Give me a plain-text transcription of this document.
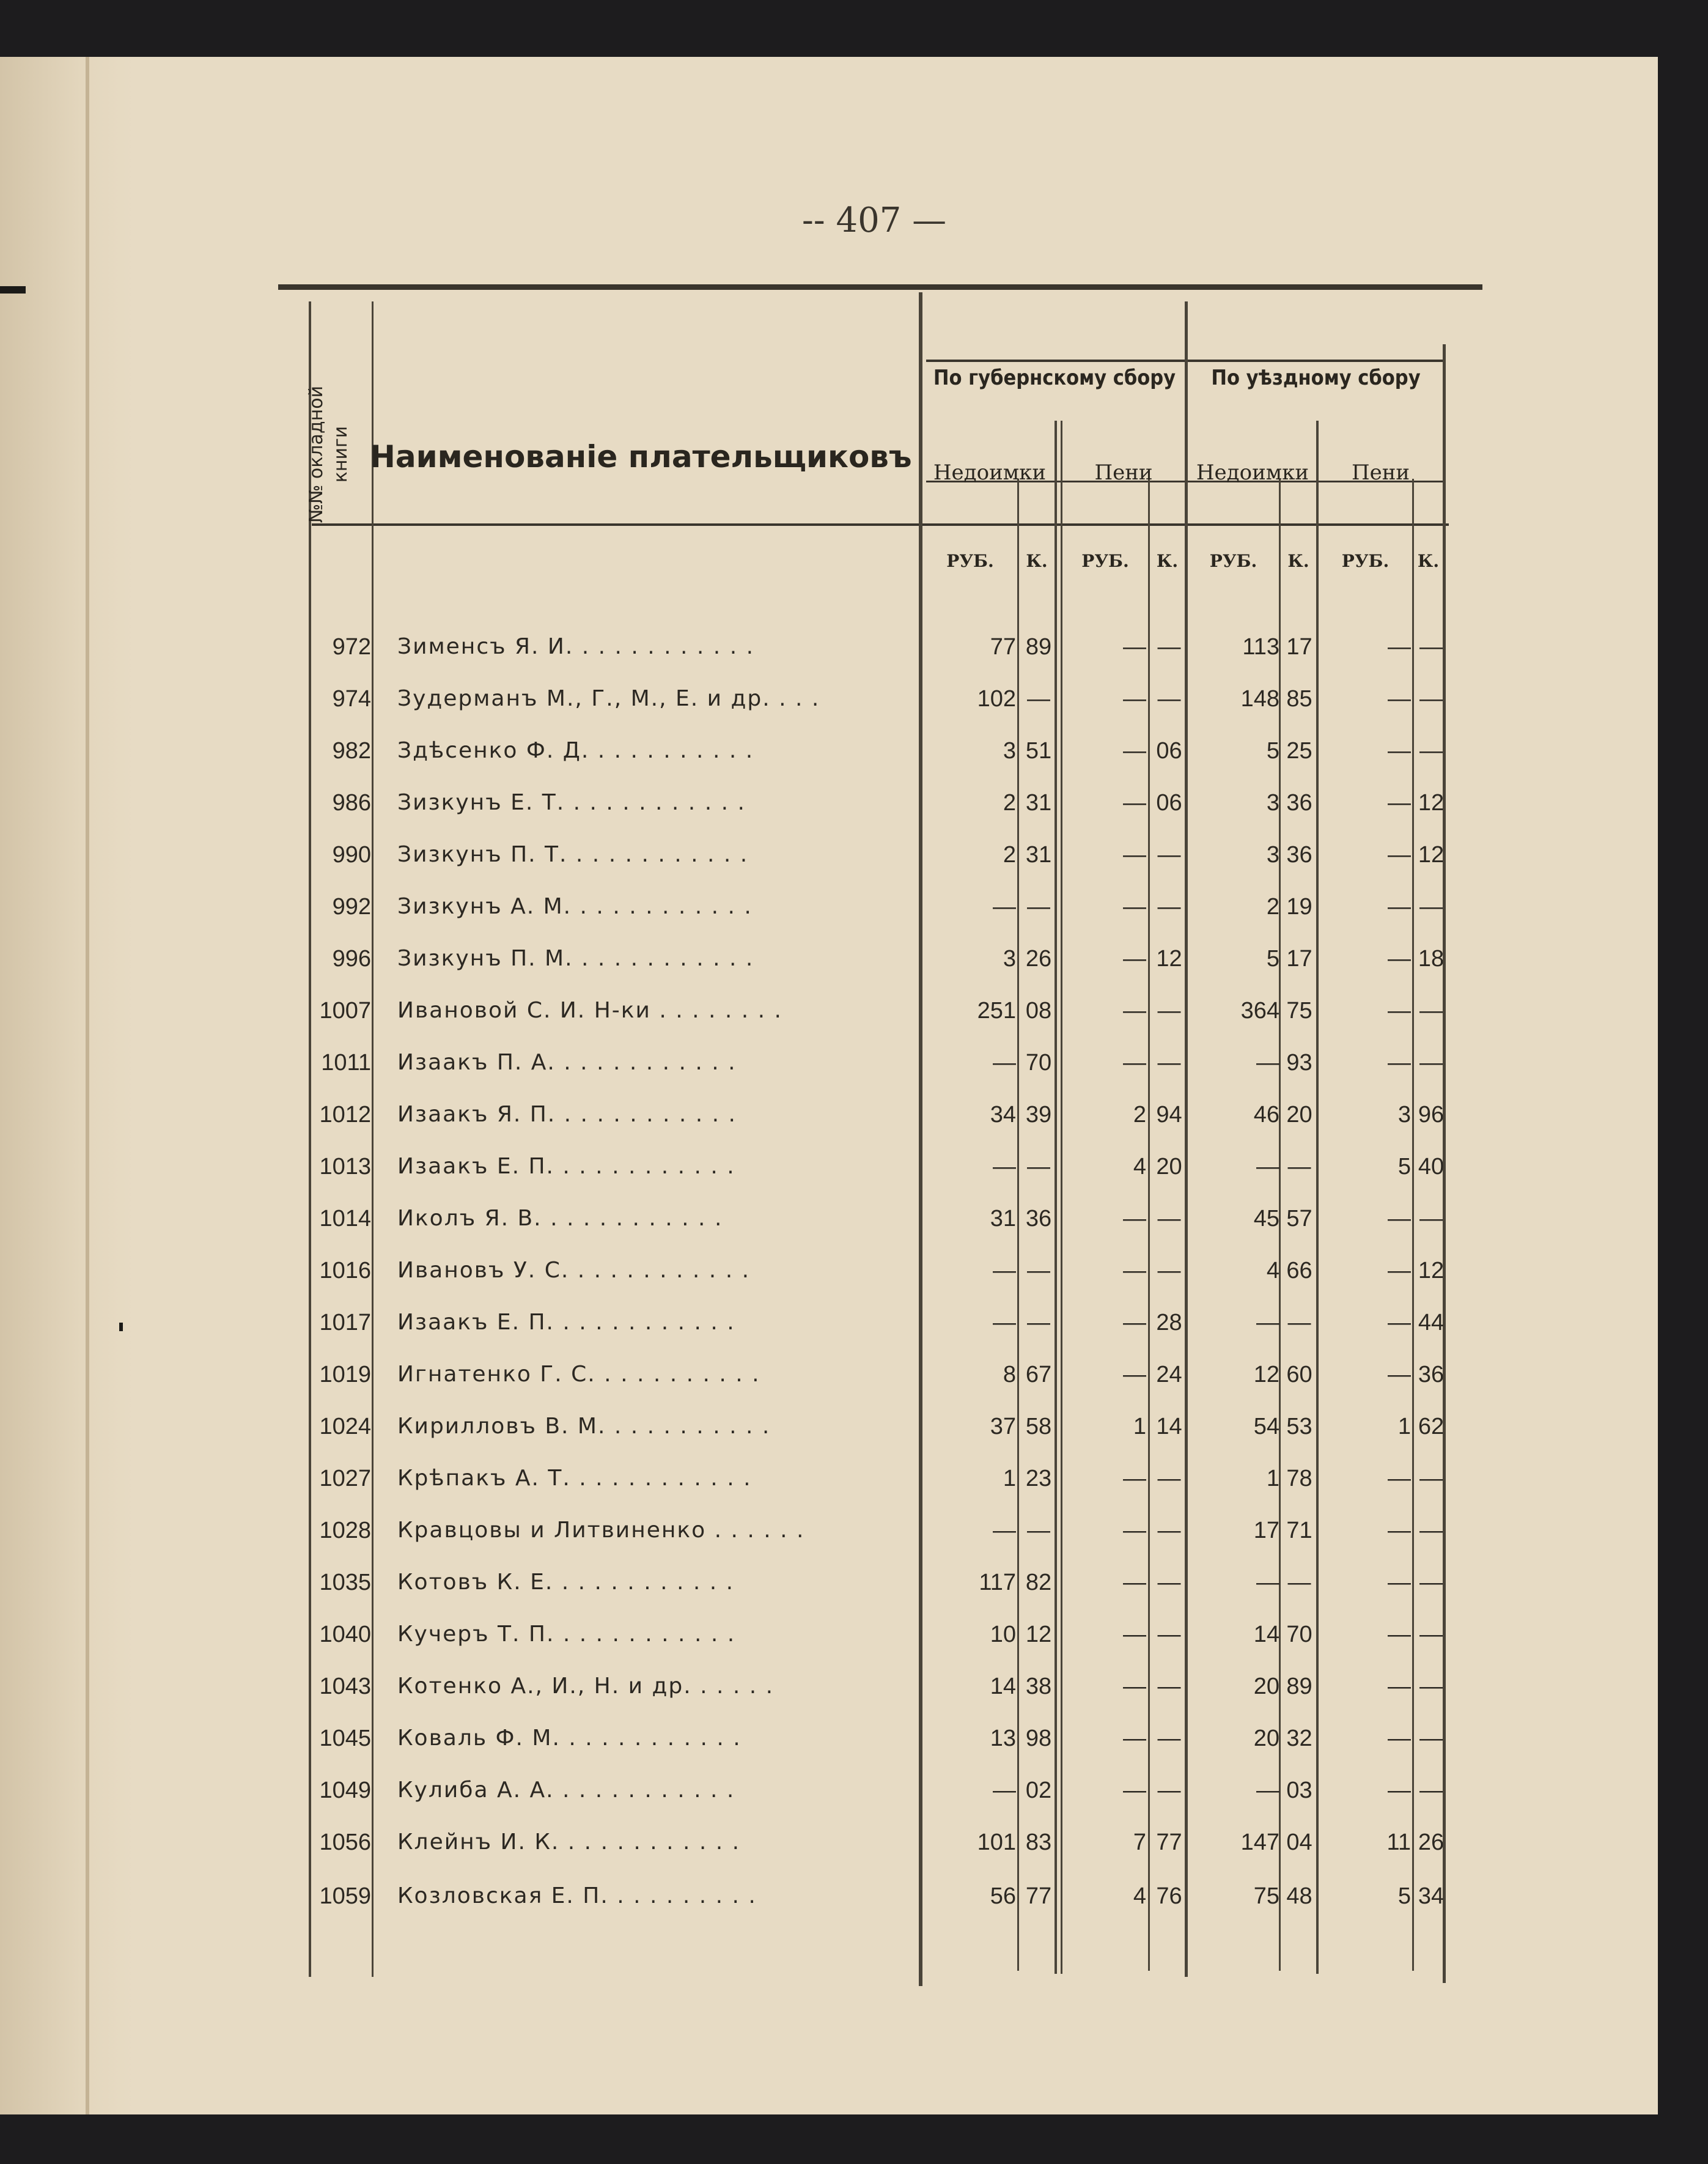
-- 407 —
№№ окладной книги Наименованіе плательщиковъ
По губернскому сбору	По уѣздному сбору
Недоимки	Пени	Недоимки	Пени
РУБ.	К.	РУБ.	К.	РУБ.	К.	РУБ.	К.
972 Зименсъ Я. И. . . . . . . . . . . .	77 89	— —	113 17	— —
974 Зудерманъ М., Г., М., Е. и др. . . .	102 —	— —	148 85	— —
982 Здѣсенко Ф. Д. . . . . . . . . . .	3 51	— 06	5 25	— —
986 Зизкунъ Е. Т. . . . . . . . . . . .	2 31	— 06	3 36	— 12
990 Зизкунъ П. Т. . . . . . . . . . . .	2 31	— —	3 36	— 12
992 Зизкунъ А. М. . . . . . . . . . . .	— —	— —	2 19	— —
996 Зизкунъ П. М. . . . . . . . . . . .	3 26	— 12	5 17	— 18
1007 Ивановой С. И. Н-ки . . . . . . . .	251 08	— —	364 75	— —
1011 Изаакъ П. А. . . . . . . . . . . .	— 70	— —	— 93	— —
1012 Изаакъ Я. П. . . . . . . . . . . .	34 39	2 94	46 20	3 96
1013 Изаакъ Е. П. . . . . . . . . . . .	— —	4 20	— —	5 40
1014 Иколъ Я. В. . . . . . . . . . . .	31 36	— —	45 57	— —
1016 Ивановъ У. С. . . . . . . . . . . .	— —	— —	4 66	— 12
1017 Изаакъ Е. П. . . . . . . . . . . .	— —	— 28	— —	— 44
1019 Игнатенко Г. С. . . . . . . . . . .	8 67	— 24	12 60	— 36
1024 Кирилловъ В. М. . . . . . . . . . .	37 58	1 14	54 53	1 62
1027 Крѣпакъ А. Т. . . . . . . . . . . .	1 23	— —	1 78	— —
1028 Кравцовы и Литвиненко . . . . . .	— —	— —	17 71	— —
1035 Котовъ К. Е. . . . . . . . . . . .	117 82	— —	— —	— —
1040 Кучеръ Т. П. . . . . . . . . . . .	10 12	— —	14 70	— —
1043 Котенко А., И., Н. и др. . . . . .	14 38	— —	20 89	— —
1045 Коваль Ф. М. . . . . . . . . . . .	13 98	— —	20 32	— —
1049 Кулиба А. А. . . . . . . . . . . .	— 02	— —	— 03	— —
1056 Клейнъ И. К. . . . . . . . . . . .	101 83	7 77	147 04	11 26
1059 Козловская Е. П. . . . . . . . . .	56 77	4 76	75 48	5 34
